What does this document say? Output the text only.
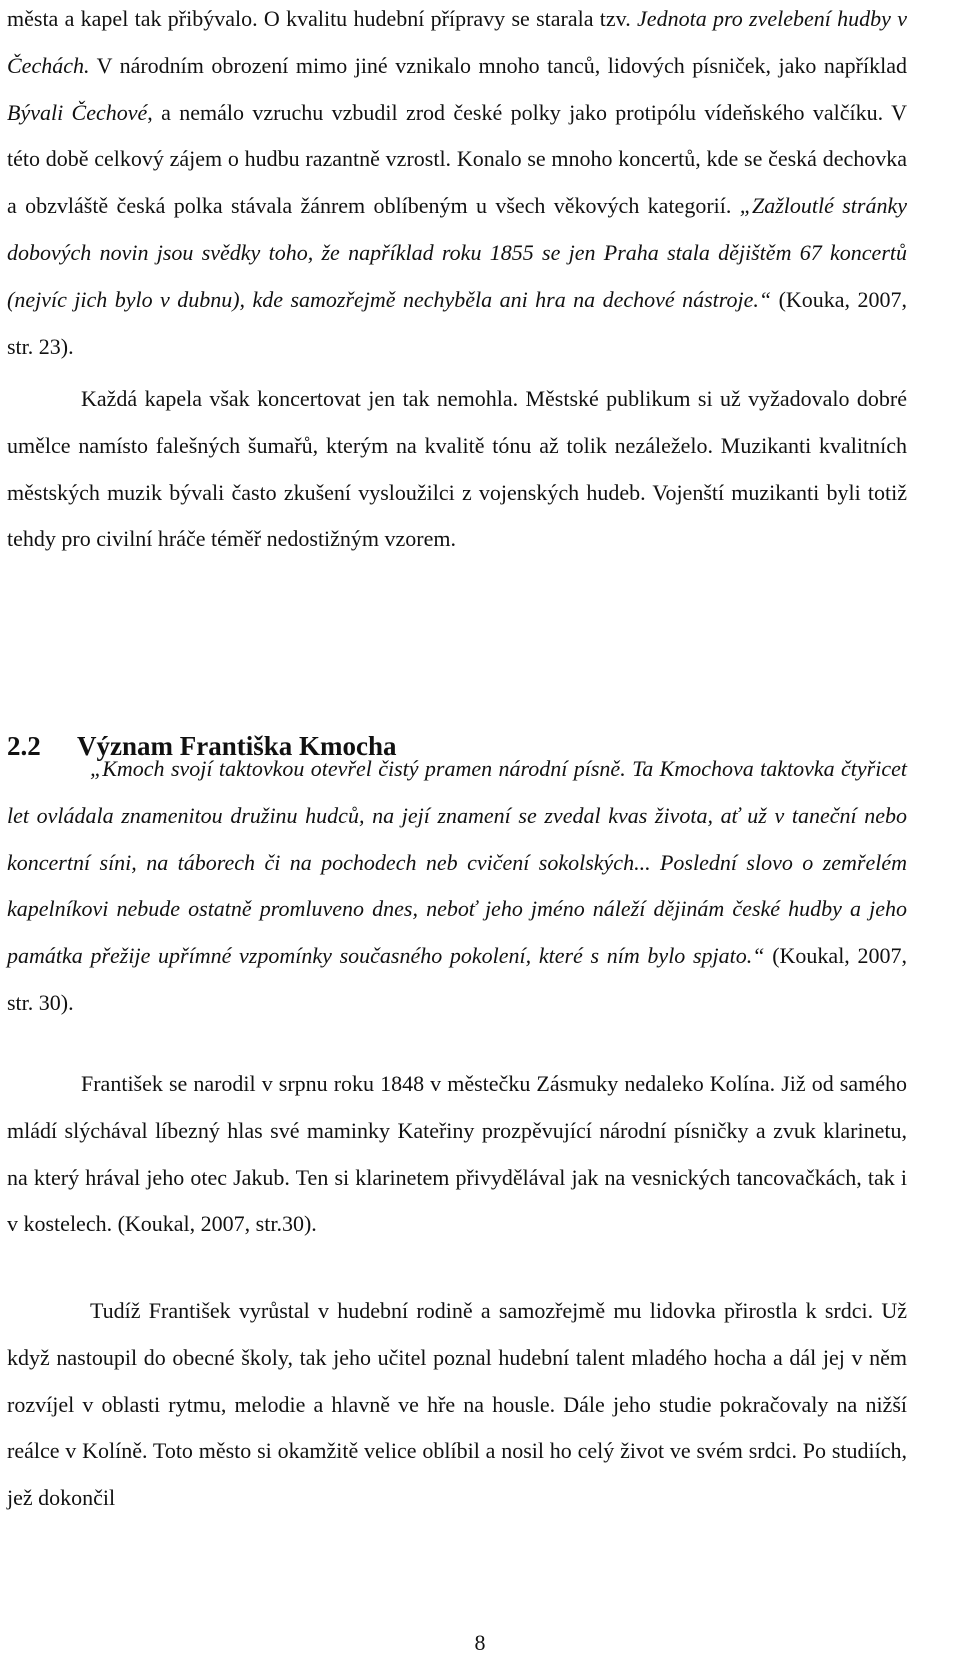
města a kapel tak přibývalo. O kvalitu hudební přípravy se starala tzv. Jednota pro zvelebení hudby v Čechách. V národním obrození mimo jiné vznikalo mnoho tanců, lidových písniček, jako například Bývali Čechové, a nemálo vzruchu vzbudil zrod české polky jako protipólu vídeňského valčíku. V této době celkový zájem o hudbu razantně vzrostl. Konalo se mnoho koncertů, kde se česká dechovka a obzvláště česká polka stávala žánrem oblíbeným u všech věkových kategorií. „Zažloutlé stránky dobových novin jsou svědky toho, že například roku 1855 se jen Praha stala dějištěm 67 koncertů (nejvíc jich bylo v dubnu), kde samozřejmě nechyběla ani hra na dechové nástroje.“ (Kouka, 2007, str. 23).

Každá kapela však koncertovat jen tak nemohla. Městské publikum si už vyžadovalo dobré umělce namísto falešných šumařů, kterým na kvalitě tónu až tolik nezáleželo. Muzikanti kvalitních městských muzik bývali často zkušení vysloužilci z vojenských hudeb. Vojenští muzikanti byli totiž tehdy pro civilní hráče téměř nedostižným vzorem.

2.2 Význam Františka Kmocha

„Kmoch svojí taktovkou otevřel čistý pramen národní písně. Ta Kmochova taktovka čtyřicet let ovládala znamenitou družinu hudců, na její znamení se zvedal kvas života, ať už v taneční nebo koncertní síni, na táborech či na pochodech neb cvičení sokolských... Poslední slovo o zemřelém kapelníkovi nebude ostatně promluveno dnes, neboť jeho jméno náleží dějinám české hudby a jeho památka přežije upřímné vzpomínky současného pokolení, které s ním bylo spjato.“ (Koukal, 2007, str. 30).

František se narodil v srpnu roku 1848 v městečku Zásmuky nedaleko Kolína. Již od samého mládí slýchával líbezný hlas své maminky Kateřiny prozpěvující národní písničky a zvuk klarinetu, na který hrával jeho otec Jakub. Ten si klarinetem přivydělával jak na vesnických tancovačkách, tak i v kostelech. (Koukal, 2007, str.30).

Tudíž František vyrůstal v hudební rodině a samozřejmě mu lidovka přirostla k srdci. Už když nastoupil do obecné školy, tak jeho učitel poznal hudební talent mladého hocha a dál jej v něm rozvíjel v oblasti rytmu, melodie a hlavně ve hře na housle. Dále jeho studie pokračovaly na nižší reálce v Kolíně. Toto město si okamžitě velice oblíbil a nosil ho celý život ve svém srdci. Po studiích, jež dokončil

8
